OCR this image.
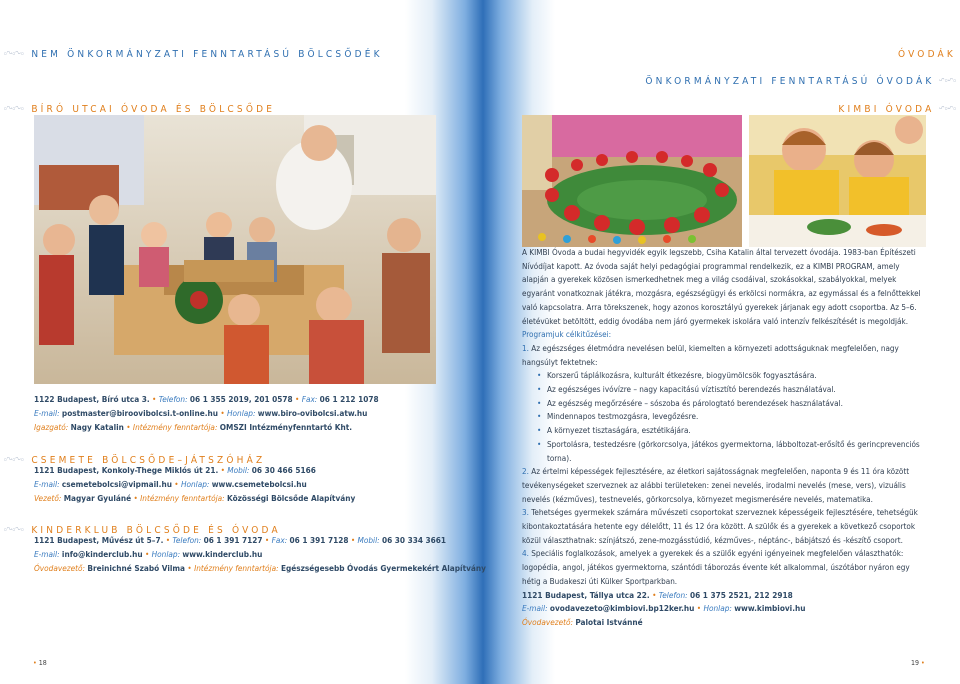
◦ᵔᵕ◦ᵔᵕ◦ NEM ÖNKORMÁNYZATI FENNTARTÁSÚ BÖLCSŐDÉK
◦ᵔᵕ◦ᵔᵕ◦ BÍRÓ UTCAI ÓVODA ÉS BÖLCSŐDE
1122 Budapest, Bíró utca 3. • Telefon: 06 1 355 2019, 201 0578 • Fax: 06 1 212 1078
E-mail: postmaster@biroovibolcsi.t-online.hu • Honlap: www.biro-ovibolcsi.atw.hu
Igazgató: Nagy Katalin • Intézmény fenntartója: OMSZI Intézményfenntartó Kht.
◦ᵔᵕ◦ᵔᵕ◦ CSEMETE BÖLCSŐDE–JÁTSZÓHÁZ
1121 Budapest, Konkoly-Thege Miklós út 21. • Mobil: 06 30 466 5166
E-mail: csemetebolcsi@vipmail.hu • Honlap: www.csemetebolcsi.hu
Vezető: Magyar Gyuláné • Intézmény fenntartója: Közösségi Bölcsőde Alapítvány
◦ᵔᵕ◦ᵔᵕ◦ KINDERKLUB BÖLCSŐDE ÉS ÓVODA
1121 Budapest, Művész út 5–7. • Telefon: 06 1 391 7127 • Fax: 06 1 391 7128 • Mobil: 06 30 334 3661
E-mail: info@kinderclub.hu • Honlap: www.kinderclub.hu
Óvodavezető: Breinichné Szabó Vilma • Intézmény fenntartója: Egészségesebb Óvodás Gyermekekért Alapítvány
• 18
ÓVODÁK
ÖNKORMÁNYZATI FENNTARTÁSÚ ÓVODÁK ᵕᵔ◦ᵕᵔ◦
KIMBI ÓVODA ᵕᵔ◦ᵕᵔ◦

A KIMBI Óvoda a budai hegyvidék egyik legszebb, Csiha Katalin által tervezett óvodája. 1983-ban Építészeti Nívódíjat kapott. Az óvoda saját helyi pedagógiai programmal rendelkezik, ez a KIMBI PROGRAM, amely alapján a gyerekek közösen ismerkedhetnek meg a világ csodáival, szokásokkal, szabályokkal, melyek egyaránt vonatkoznak játékra, mozgásra, egészségügyi és erkölcsi normákra, az egymással és a felnőttekkel való kapcsolatra. Arra törekszenek, hogy azonos korosztályú gyerekek járjanak egy adott csoportba. Az 5–6. életévüket betöltött, eddig óvodába nem járó gyermekek iskolára való intenzív felkészítését is megoldják.

Programjuk célkitűzései:

1. Az egészséges életmódra nevelésen belül, kiemelten a környezeti adottságuknak megfelelően, nagy hangsúlyt fektetnek:

• Korszerű táplálkozásra, kulturált étkezésre, biogyümölcsök fogyasztására.
• Az egészséges ivóvízre – nagy kapacitású víztisztító berendezés használatával.
• Az egészség megőrzésére – sószoba és párologtató berendezések használatával.
• Mindennapos testmozgásra, levegőzésre.
• A környezet tisztaságára, esztétikájára.
• Sportolásra, testedzésre (görkorcsolya, játékos gyermektorna, lábboltozat-erősítő és gerincprevenciós torna).

2. Az értelmi képességek fejlesztésére, az életkori sajátosságnak megfelelően, naponta 9 és 11 óra között tevékenységeket szerveznek az alábbi területeken: zenei nevelés, irodalmi nevelés (mese, vers), vizuális nevelés (kézműves), testnevelés, görkorcsolya, környezet megismerésére nevelés, matematika.

3. Tehetséges gyermekek számára művészeti csoportokat szerveznek képességeik fejlesztésére, tehetségük kibontakoztatására hetente egy délelőtt, 11 és 12 óra között. A szülők és a gyerekek a következő csoportok közül választhatnak: színjátszó, zene-mozgásstúdió, kézműves-, néptánc-, bábjátszó és -készítő csoport.

4. Speciális foglalkozások, amelyek a gyerekek és a szülők egyéni igényeinek megfelelően választhatók: logopédia, angol, játékos gyermektorna, szántódi táborozás évente két alkalommal, úszótábor nyáron egy hétig a Budakeszi úti Külker Sportparkban.

1121 Budapest, Tállya utca 22. • Telefon: 06 1 375 2521, 212 2918
E-mail: ovodavezeto@kimbiovi.bp12ker.hu • Honlap: www.kimbiovi.hu
Óvodavezető: Palotai Istvánné
19 •
